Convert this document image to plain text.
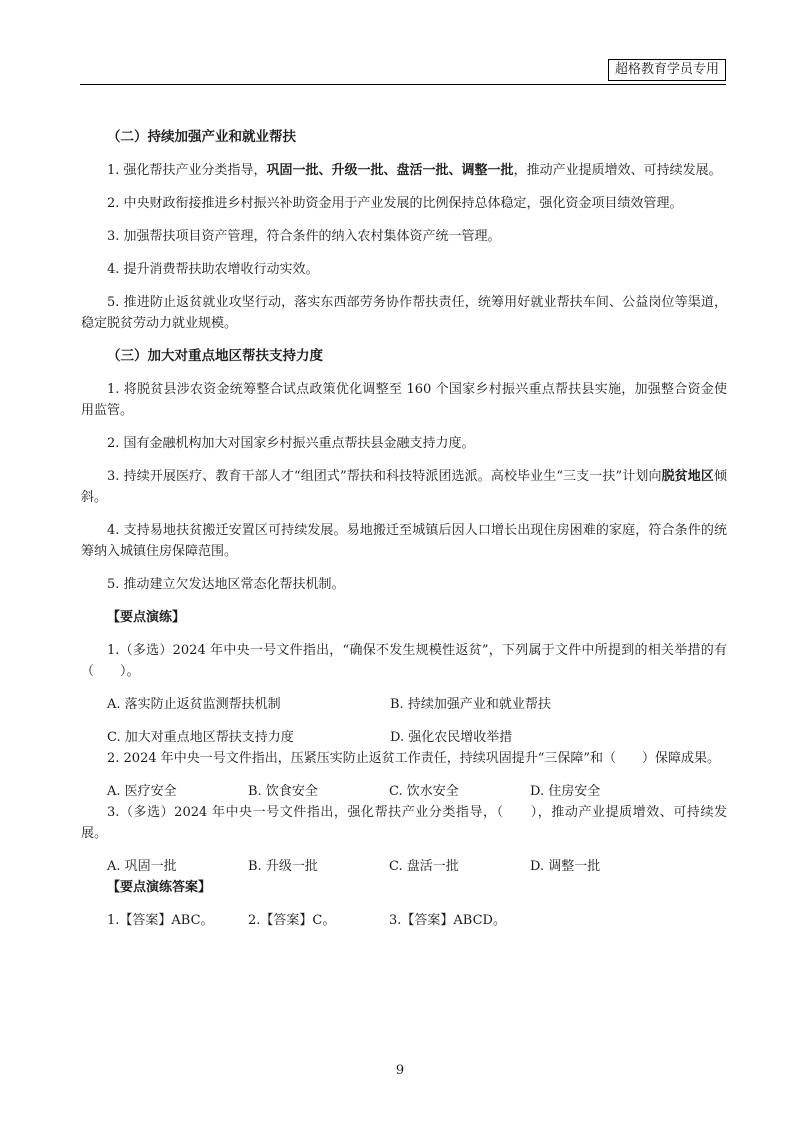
超格教育学员专用

（二）持续加强产业和就业帮扶

1. 强化帮扶产业分类指导，巩固一批、升级一批、盘活一批、调整一批，推动产业提质增效、可持续发展。

2. 中央财政衔接推进乡村振兴补助资金用于产业发展的比例保持总体稳定，强化资金项目绩效管理。

3. 加强帮扶项目资产管理，符合条件的纳入农村集体资产统一管理。

4. 提升消费帮扶助农增收行动实效。

5. 推进防止返贫就业攻坚行动，落实东西部劳务协作帮扶责任，统筹用好就业帮扶车间、公益岗位等渠道，稳定脱贫劳动力就业规模。

（三）加大对重点地区帮扶支持力度

1. 将脱贫县涉农资金统筹整合试点政策优化调整至 160 个国家乡村振兴重点帮扶县实施，加强整合资金使用监管。

2. 国有金融机构加大对国家乡村振兴重点帮扶县金融支持力度。

3. 持续开展医疗、教育干部人才“组团式”帮扶和科技特派团选派。高校毕业生“三支一扶”计划向脱贫地区倾斜。

4. 支持易地扶贫搬迁安置区可持续发展。易地搬迁至城镇后因人口增长出现住房困难的家庭，符合条件的统筹纳入城镇住房保障范围。

5. 推动建立欠发达地区常态化帮扶机制。

【要点演练】

1.（多选）2024 年中央一号文件指出，“确保不发生规模性返贫”，下列属于文件中所提到的相关举措的有（　　）。

A. 落实防止返贫监测帮扶机制	B. 持续加强产业和就业帮扶
C. 加大对重点地区帮扶支持力度	D. 强化农民增收举措

2. 2024 年中央一号文件指出，压紧压实防止返贫工作责任，持续巩固提升“三保障”和（　　）保障成果。

A. 医疗安全	B. 饮食安全	C. 饮水安全	D. 住房安全

3.（多选）2024 年中央一号文件指出，强化帮扶产业分类指导，（　　），推动产业提质增效、可持续发展。

A. 巩固一批	B. 升级一批	C. 盘活一批	D. 调整一批

【要点演练答案】

1.【答案】ABC。	2.【答案】C。	3.【答案】ABCD。
9
